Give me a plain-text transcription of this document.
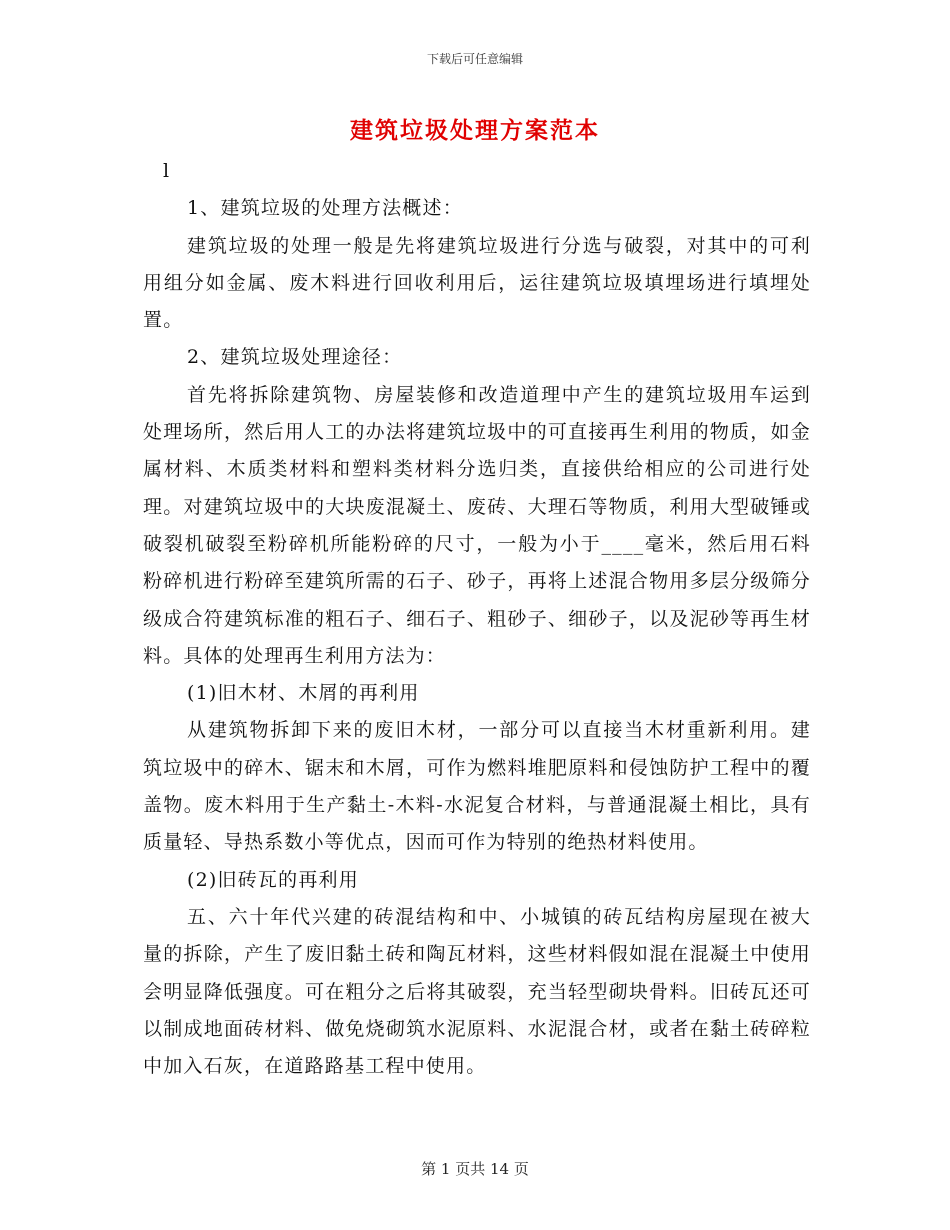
下载后可任意编辑
建筑垃圾处理方案范本

l

1、建筑垃圾的处理方法概述：

建筑垃圾的处理一般是先将建筑垃圾进行分选与破裂，对其中的可利用组分如金属、废木料进行回收利用后，运往建筑垃圾填埋场进行填埋处置。

2、建筑垃圾处理途径：

首先将拆除建筑物、房屋装修和改造道理中产生的建筑垃圾用车运到处理场所，然后用人工的办法将建筑垃圾中的可直接再生利用的物质，如金属材料、木质类材料和塑料类材料分选归类，直接供给相应的公司进行处理。对建筑垃圾中的大块废混凝土、废砖、大理石等物质，利用大型破锤或破裂机破裂至粉碎机所能粉碎的尺寸，一般为小于____毫米，然后用石料粉碎机进行粉碎至建筑所需的石子、砂子，再将上述混合物用多层分级筛分级成合符建筑标准的粗石子、细石子、粗砂子、细砂子，以及泥砂等再生材料。具体的处理再生利用方法为：

(1)旧木材、木屑的再利用

从建筑物拆卸下来的废旧木材，一部分可以直接当木材重新利用。建筑垃圾中的碎木、锯末和木屑，可作为燃料堆肥原料和侵蚀防护工程中的覆盖物。废木料用于生产黏土-木料-水泥复合材料，与普通混凝土相比，具有质量轻、导热系数小等优点，因而可作为特别的绝热材料使用。

(2)旧砖瓦的再利用

五、六十年代兴建的砖混结构和中、小城镇的砖瓦结构房屋现在被大量的拆除，产生了废旧黏土砖和陶瓦材料，这些材料假如混在混凝土中使用会明显降低强度。可在粗分之后将其破裂，充当轻型砌块骨料。旧砖瓦还可以制成地面砖材料、做免烧砌筑水泥原料、水泥混合材，或者在黏土砖碎粒中加入石灰，在道路路基工程中使用。

第 1 页共 14 页
